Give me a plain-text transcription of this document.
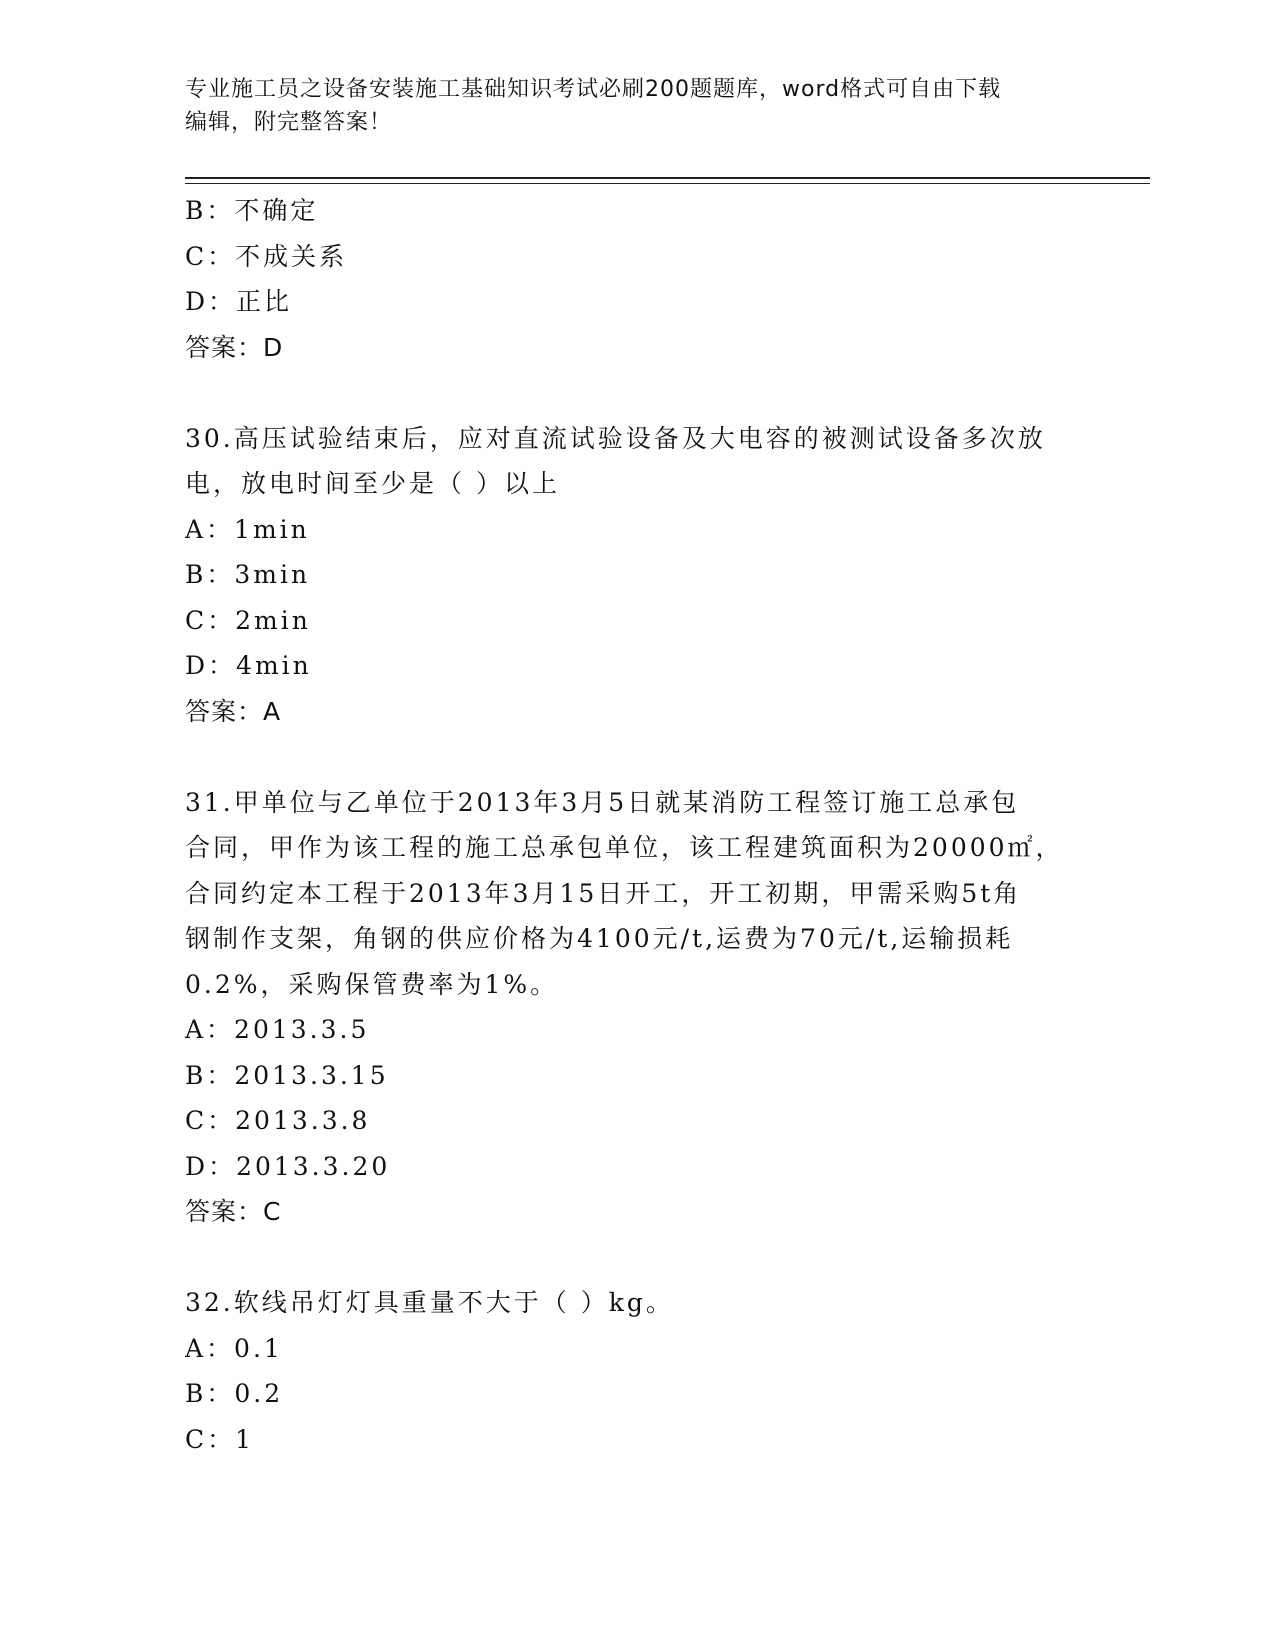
专业施工员之设备安装施工基础知识考试必刷200题题库，word格式可自由下载
编辑，附完整答案！
B：不确定
C：不成关系
D：正比
答案：D
30.高压试验结束后，应对直流试验设备及大电容的被测试设备多次放
电，放电时间至少是（ ）以上
A：1min
B：3min
C：2min
D：4min
答案：A
31.甲单位与乙单位于2013年3月5日就某消防工程签订施工总承包
合同，甲作为该工程的施工总承包单位，该工程建筑面积为20000㎡，
合同约定本工程于2013年3月15日开工，开工初期，甲需采购5t角
钢制作支架，角钢的供应价格为4100元/t,运费为70元/t,运输损耗
0.2%，采购保管费率为1%。
A：2013.3.5
B：2013.3.15
C：2013.3.8
D：2013.3.20
答案：C
32.软线吊灯灯具重量不大于（ ）kg。
A：0.1
B：0.2
C：1
